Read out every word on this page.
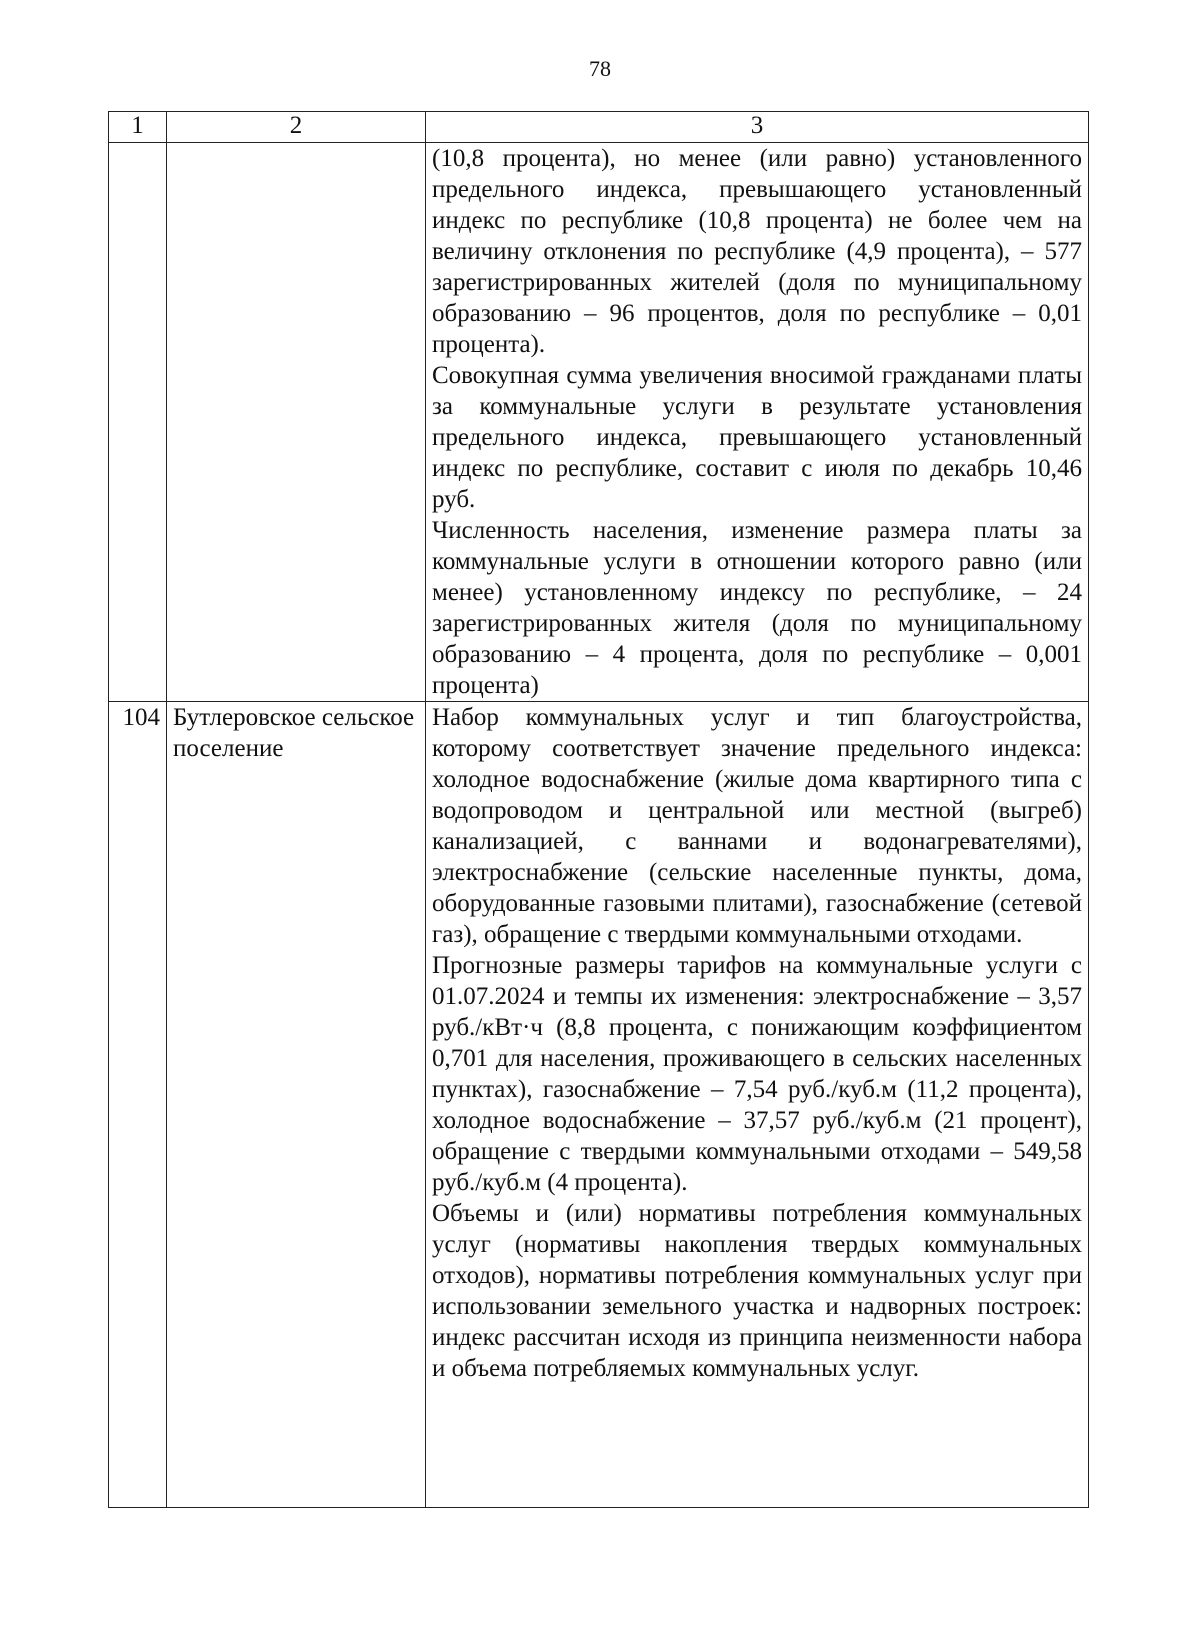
78
1	2	3

		(10,8 процента), но менее (или равно) установленного предельного индекса, превышающего установленный индекс по республике (10,8 процента) не более чем на величину отклонения по республике (4,9 процента), – 577 зарегистрированных жителей (доля по муниципальному образованию – 96 процентов, доля по республике – 0,01 процента).

Совокупная сумма увеличения вносимой гражданами платы за коммунальные услуги в результате установления предельного индекса, превышающего установленный индекс по республике, составит с июля по декабрь 10,46 руб.

Численность населения, изменение размера платы за коммунальные услуги в отношении которого равно (или менее) установленному индексу по республике, – 24 зарегистрированных жителя (доля по муниципальному образованию – 4 процента, доля по республике – 0,001 процента)

104	Бутлеровское сельское поселение	Набор коммунальных услуг и тип благоустройства, которому соответствует значение предельного индекса: холодное водоснабжение (жилые дома квартирного типа с водопроводом и центральной или местной (выгреб) канализацией, с ваннами и водонагревателями), электроснабжение (сельские населенные пункты, дома, оборудованные газовыми плитами), газоснабжение (сетевой газ), обращение с твердыми коммунальными отходами.

Прогнозные размеры тарифов на коммунальные услуги с 01.07.2024 и темпы их изменения: электроснабжение – 3,57 руб./кВт·ч (8,8 процента, с понижающим коэффициентом 0,701 для населения, проживающего в сельских населенных пунктах), газоснабжение – 7,54 руб./куб.м (11,2 процента), холодное водоснабжение – 37,57 руб./куб.м (21 процент), обращение с твердыми коммунальными отходами – 549,58 руб./куб.м (4 процента).

Объемы и (или) нормативы потребления коммунальных услуг (нормативы накопления твердых коммунальных отходов), нормативы потребления коммунальных услуг при использовании земельного участка и надворных построек: индекс рассчитан исходя из принципа неизменности набора и объема потребляемых коммунальных услуг.
